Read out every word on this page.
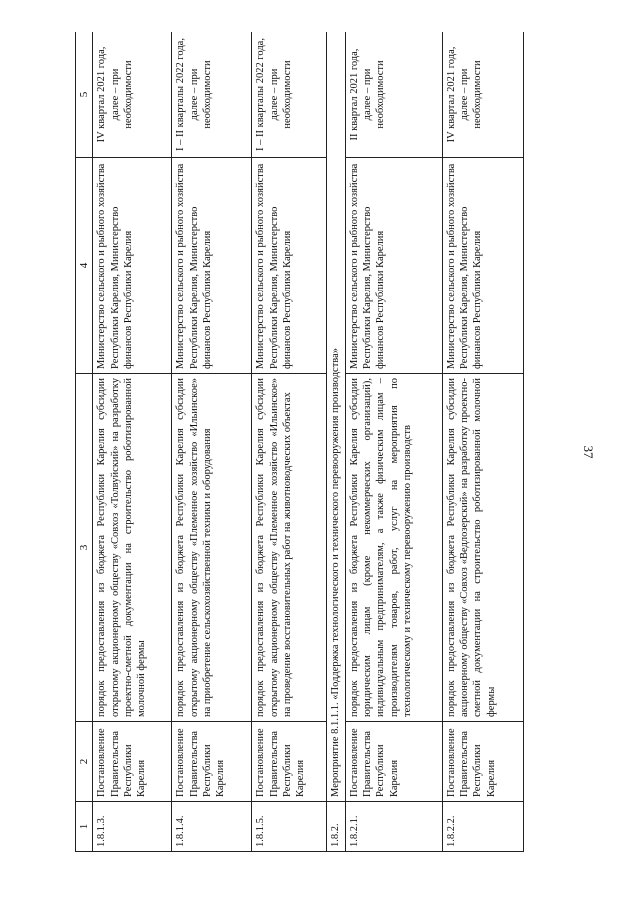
37
1	2	3	4	5
1.8.1.3.	Постановление Правительства Республики Карелия	порядок предоставления из бюджета Республики Карелия субсидии открытому акционерному обществу «Совхоз «Толвуйский» на разработку проектно-сметной документации на строительство роботизированной молочной фермы	Министерство сельского и рыбного хозяйства Республики Карелия, Министерство финансов Республики Карелия	IV квартал 2021 года, далее – при необходимости
1.8.1.4.	Постановление Правительства Республики Карелия	порядок предоставления из бюджета Республики Карелия субсидии открытому акционерному обществу «Племенное хозяйство «Ильинское» на приобретение сельскохозяйственной техники и оборудования	Министерство сельского и рыбного хозяйства Республики Карелия, Министерство финансов Республики Карелия	I – II кварталы 2022 года, далее – при необходимости
1.8.1.5.	Постановление Правительства Республики Карелия	порядок предоставления из бюджета Республики Карелия субсидии открытому акционерному обществу «Племенное хозяйство «Ильинское» на проведение восстановительных работ на животноводческих объектах	Министерство сельского и рыбного хозяйства Республики Карелия, Министерство финансов Республики Карелия	I – II кварталы 2022 года, далее – при необходимости
1.8.2.	Мероприятие 8.1.1.1. «Поддержка технологического и технического перевооружения производства»			
1.8.2.1.	Постановление Правительства Республики Карелия	порядок предоставления из бюджета Республики Карелия субсидии юридическим лицам (кроме некоммерческих организаций), индивидуальным предпринимателям, а также физическим лицам – производителям товаров, работ, услуг на мероприятия по технологическому и техническому перевооружению производств	Министерство сельского и рыбного хозяйства Республики Карелия, Министерство финансов Республики Карелия	II квартал 2021 года, далее – при необходимости
1.8.2.2.	Постановление Правительства Республики Карелия	порядок предоставления из бюджета Республики Карелия субсидии акционерному обществу «Совхоз «Ведлозерский» на разработку проектно-сметной документации на строительство роботизированной молочной фермы	Министерство сельского и рыбного хозяйства Республики Карелия, Министерство финансов Республики Карелия	IV квартал 2021 года, далее – при необходимости
